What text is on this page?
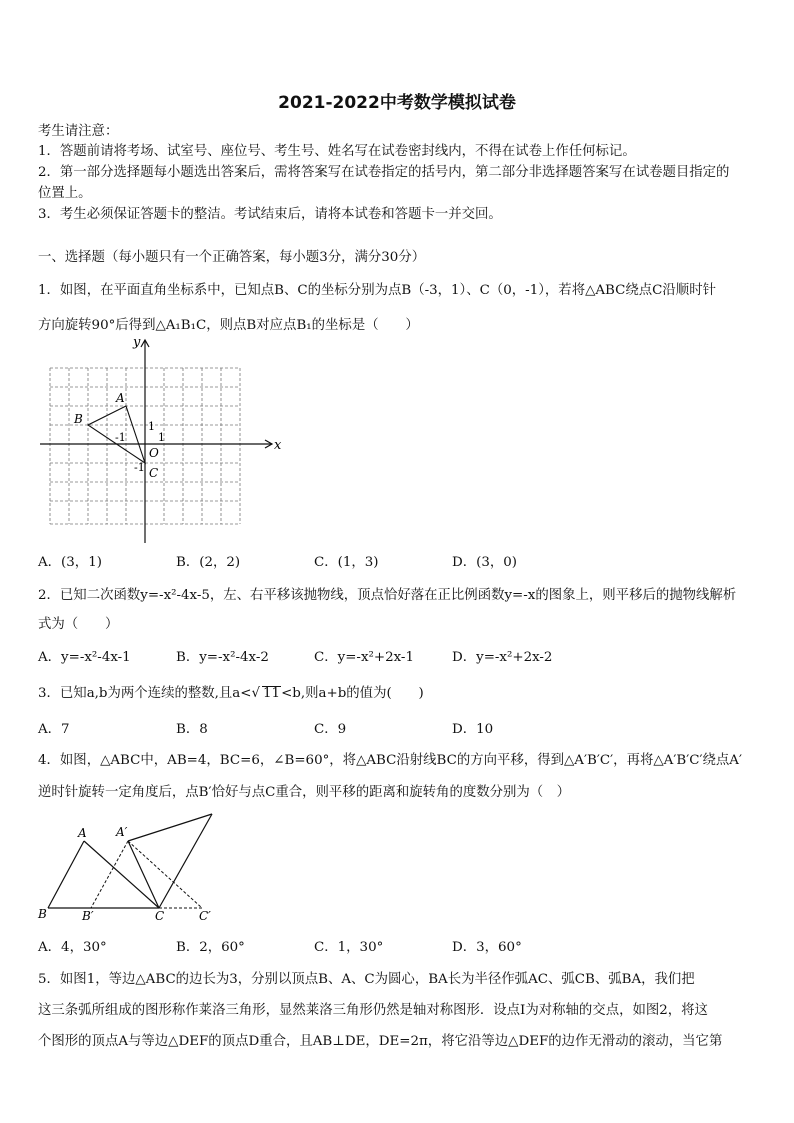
2021-2022中考数学模拟试卷
考生请注意：
1．答题前请将考场、试室号、座位号、考生号、姓名写在试卷密封线内，不得在试卷上作任何标记。
2．第一部分选择题每小题选出答案后，需将答案写在试卷指定的括号内，第二部分非选择题答案写在试卷题目指定的
位置上。
3．考生必须保证答题卡的整洁。考试结束后，请将本试卷和答题卡一并交回。
一、选择题（每小题只有一个正确答案，每小题3分，满分30分）
1．如图，在平面直角坐标系中，已知点B、C的坐标分别为点B（-3，1）、C（0，-1），若将△ABC绕点C沿顺时针
方向旋转90°后得到△A₁B₁C，则点B对应点B₁的坐标是（　　）
x
y
A
B
C
O
-1	1
1
-1
A．(3，1)	B．(2，2)	C．(1，3)	D．(3，0)
2．已知二次函数y=-x²-4x-5，左、右平移该抛物线，顶点恰好落在正比例函数y=-x的图象上，则平移后的抛物线解析
式为（　　）
A．y=-x²-4x-1	B．y=-x²-4x-2	C．y=-x²+2x-1	D．y=-x²+2x-2
3．已知a,b为两个连续的整数,且a<√ 11<b,则a+b的值为(　　)
A．7	B．8	C．9	D．10
4．如图，△ABC中，AB=4，BC=6，∠B=60°，将△ABC沿射线BC的方向平移，得到△A′B′C′，再将△A′B′C′绕点A′
逆时针旋转一定角度后，点B′恰好与点C重合，则平移的距离和旋转角的度数分别为（　）
A A′
B	B′	C	C′
A．4，30°	B．2，60°	C．1，30°	D．3，60°
5．如图1，等边△ABC的边长为3，分别以顶点B、A、C为圆心，BA长为半径作弧AC、弧CB、弧BA，我们把
这三条弧所组成的图形称作莱洛三角形，显然莱洛三角形仍然是轴对称图形．设点I为对称轴的交点，如图2，将这
个图形的顶点A与等边△DEF的顶点D重合，且AB⊥DE，DE=2π，将它沿等边△DEF的边作无滑动的滚动，当它第
